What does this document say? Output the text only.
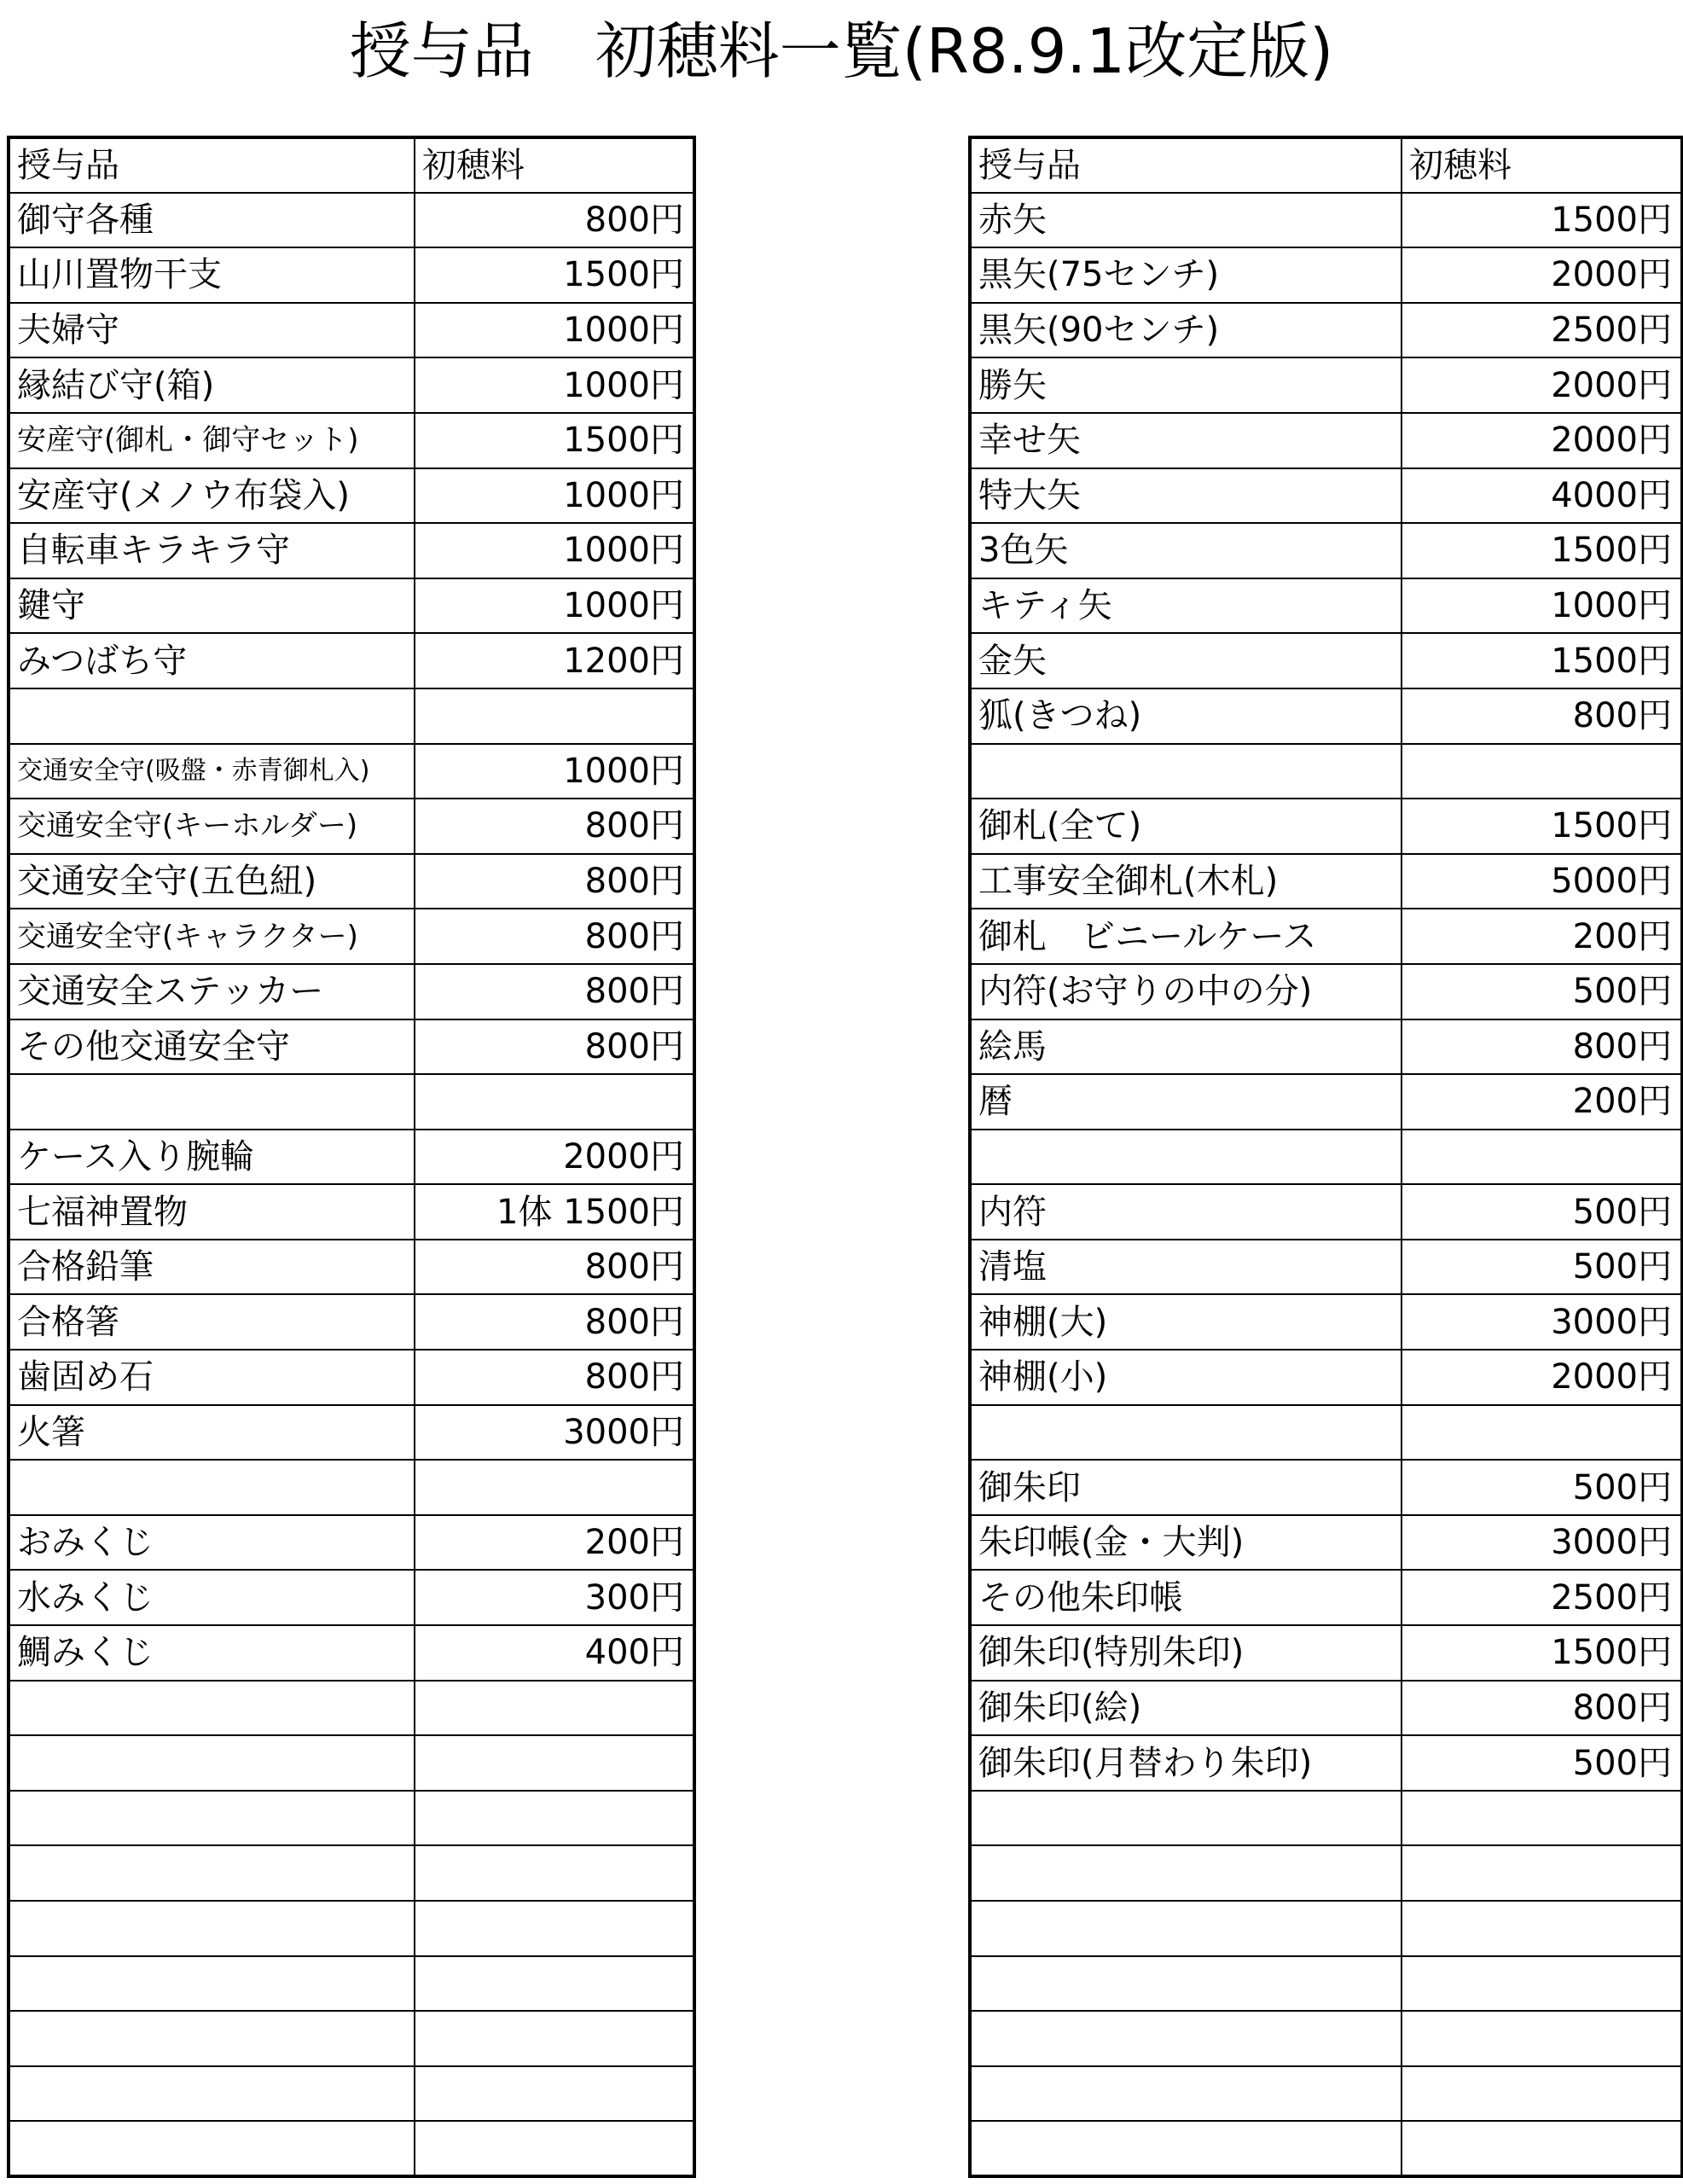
授与品　初穂料一覧(R8.9.1改定版)
授与品	初穂料
御守各種	800円
山川置物干支	1500円
夫婦守	1000円
縁結び守(箱)	1000円
安産守(御札・御守セット)	1500円
安産守(メノウ布袋入)	1000円
自転車キラキラ守	1000円
鍵守	1000円
みつばち守	1200円

交通安全守(吸盤・赤青御札入)	1000円
交通安全守(キーホルダー)	800円
交通安全守(五色紐)	800円
交通安全守(キャラクター)	800円
交通安全ステッカー	800円
その他交通安全守	800円

ケース入り腕輪	2000円
七福神置物	1体 1500円
合格鉛筆	800円
合格箸	800円
歯固め石	800円
火箸	3000円

おみくじ	200円
水みくじ	300円
鯛みくじ	400円

授与品	初穂料
赤矢	1500円
黒矢(75センチ)	2000円
黒矢(90センチ)	2500円
勝矢	2000円
幸せ矢	2000円
特大矢	4000円
3色矢	1500円
キティ矢	1000円
金矢	1500円
狐(きつね)	800円

御札(全て)	1500円
工事安全御札(木札)	5000円
御札　ビニールケース	200円
内符(お守りの中の分)	500円
絵馬	800円
暦	200円

内符	500円
清塩	500円
神棚(大)	3000円
神棚(小)	2000円

御朱印	500円
朱印帳(金・大判)	3000円
その他朱印帳	2500円
御朱印(特別朱印)	1500円
御朱印(絵)	800円
御朱印(月替わり朱印)	500円
